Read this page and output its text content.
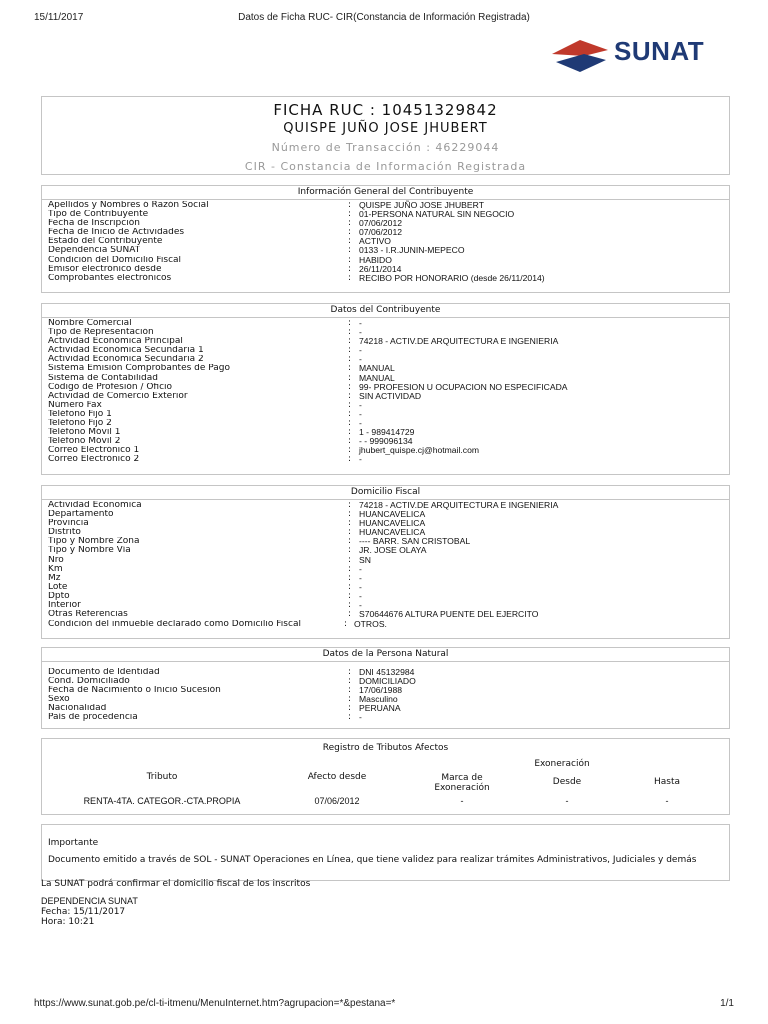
15/11/2017	Datos de Ficha RUC- CIR(Constancia de Información Registrada)
SUNAT
FICHA RUC : 10451329842
QUISPE JUÑO JOSE JHUBERT
Número de Transacción : 46229044
CIR - Constancia de Información Registrada
Información General del Contribuyente
Apellidos y Nombres ó Razón Social	: QUISPE JUÑO JOSE JHUBERT
Tipo de Contribuyente	: 01-PERSONA NATURAL SIN NEGOCIO
Fecha de Inscripción	: 07/06/2012
Fecha de Inicio de Actividades	: 07/06/2012
Estado del Contribuyente	: ACTIVO
Dependencia SUNAT	: 0133 - I.R.JUNIN-MEPECO
Condición del Domicilio Fiscal	: HABIDO
Emisor electrónico desde	: 26/11/2014
Comprobantes electrónicos	: RECIBO POR HONORARIO (desde 26/11/2014)
Datos del Contribuyente
Nombre Comercial	: -
Tipo de Representación	: -
Actividad Económica Principal	: 74218 - ACTIV.DE ARQUITECTURA E INGENIERIA
Actividad Económica Secundaria 1	: -
Actividad Económica Secundaria 2	: -
Sistema Emisión Comprobantes de Pago	: MANUAL
Sistema de Contabilidad	: MANUAL
Código de Profesión / Oficio	: 99- PROFESION U OCUPACION NO ESPECIFICADA
Actividad de Comercio Exterior	: SIN ACTIVIDAD
Número Fax	: -
Teléfono Fijo 1	: -
Teléfono Fijo 2	: -
Teléfono Móvil 1	: 1 - 989414729
Teléfono Móvil 2	: - - 999096134
Correo Electrónico 1	: jhubert_quispe.cj@hotmail.com
Correo Electrónico 2	: -
Domicilio Fiscal
Actividad Economica	: 74218 - ACTIV.DE ARQUITECTURA E INGENIERIA
Departamento	: HUANCAVELICA
Provincia	: HUANCAVELICA
Distrito	: HUANCAVELICA
Tipo y Nombre Zona	: ---- BARR. SAN CRISTOBAL
Tipo y Nombre Vía	: JR. JOSE OLAYA
Nro	: SN
Km	: -
Mz	: -
Lote	: -
Dpto	: -
Interior	: -
Otras Referencias	: S70644676 ALTURA PUENTE DEL EJERCITO
Condición del inmueble declarado como Domicilio Fiscal	: OTROS.
Datos de la Persona Natural
Documento de Identidad	: DNI 45132984
Cond. Domiciliado	: DOMICILIADO
Fecha de Nacimiento o Inicio Sucesión	: 17/06/1988
Sexo	: Masculino
Nacionalidad	: PERUANA
País de procedencia	: -
Registro de Tributos Afectos
Exoneración
Tributo	Afecto desde	Marca de Exoneración
Desde	Hasta
RENTA-4TA. CATEGOR.-CTA.PROPIA	07/06/2012	-	-	-
Importante
Documento emitido a través de SOL - SUNAT Operaciones en Línea, que tiene validez para realizar trámites Administrativos, Judiciales y demás
La SUNAT podrá confirmar el domicilio fiscal de los inscritos
DEPENDENCIA SUNAT
Fecha: 15/11/2017
Hora: 10:21
https://www.sunat.gob.pe/cl-ti-itmenu/MenuInternet.htm?agrupacion=*&pestana=*	1/1
